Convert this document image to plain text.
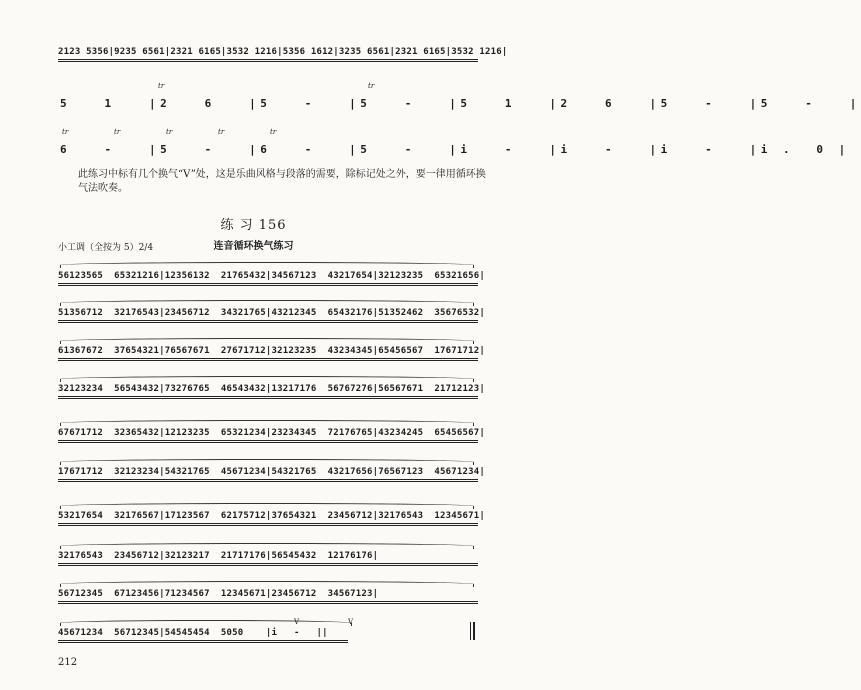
2123 5356|9235 6561|2321 6165|3532 1216|5356 1612|3235 6561|2321 6165|3532 1216|
tr	tr
5   1   |2   6   |5   -   |5   -   |5   1   |2   6   |5   -   |5   -   |
tr	tr	tr	tr	tr
6   -   |5   -   |6   -   |5   -   |i   -   |i   -   |i   -   |i .  0 |
此练习中标有几个换气“V”处，这是乐曲风格与段落的需要，除标记处之外，要一律用循环换气法吹奏。
练 习 156
小工调（全按为 5）2/4	连音循环换气练习
56123565  65321216|12356132  21765432|34567123  43217654|32123235  65321656|
51356712  32176543|23456712  34321765|43212345  65432176|51352462  35676532|
61367672  37654321|76567671  27671712|32123235  43234345|65456567  17671712|
32123234  56543432|73276765  46543432|13217176  56767276|56567671  21712123|
67671712  32365432|12123235  65321234|23234345  72176765|43234245  65456567|
17671712  32123234|54321765  45671234|54321765  43217656|76567123  45671234|
53217654  32176567|17123567  62175712|37654321  23456712|32176543  12345671|
32176543  23456712|32123217  21717176|56545432  12176176|
56712345  67123456|71234567  12345671|23456712  34567123|
45671234  56712345|54545454  5050    |i   -   ||
V	V
212
